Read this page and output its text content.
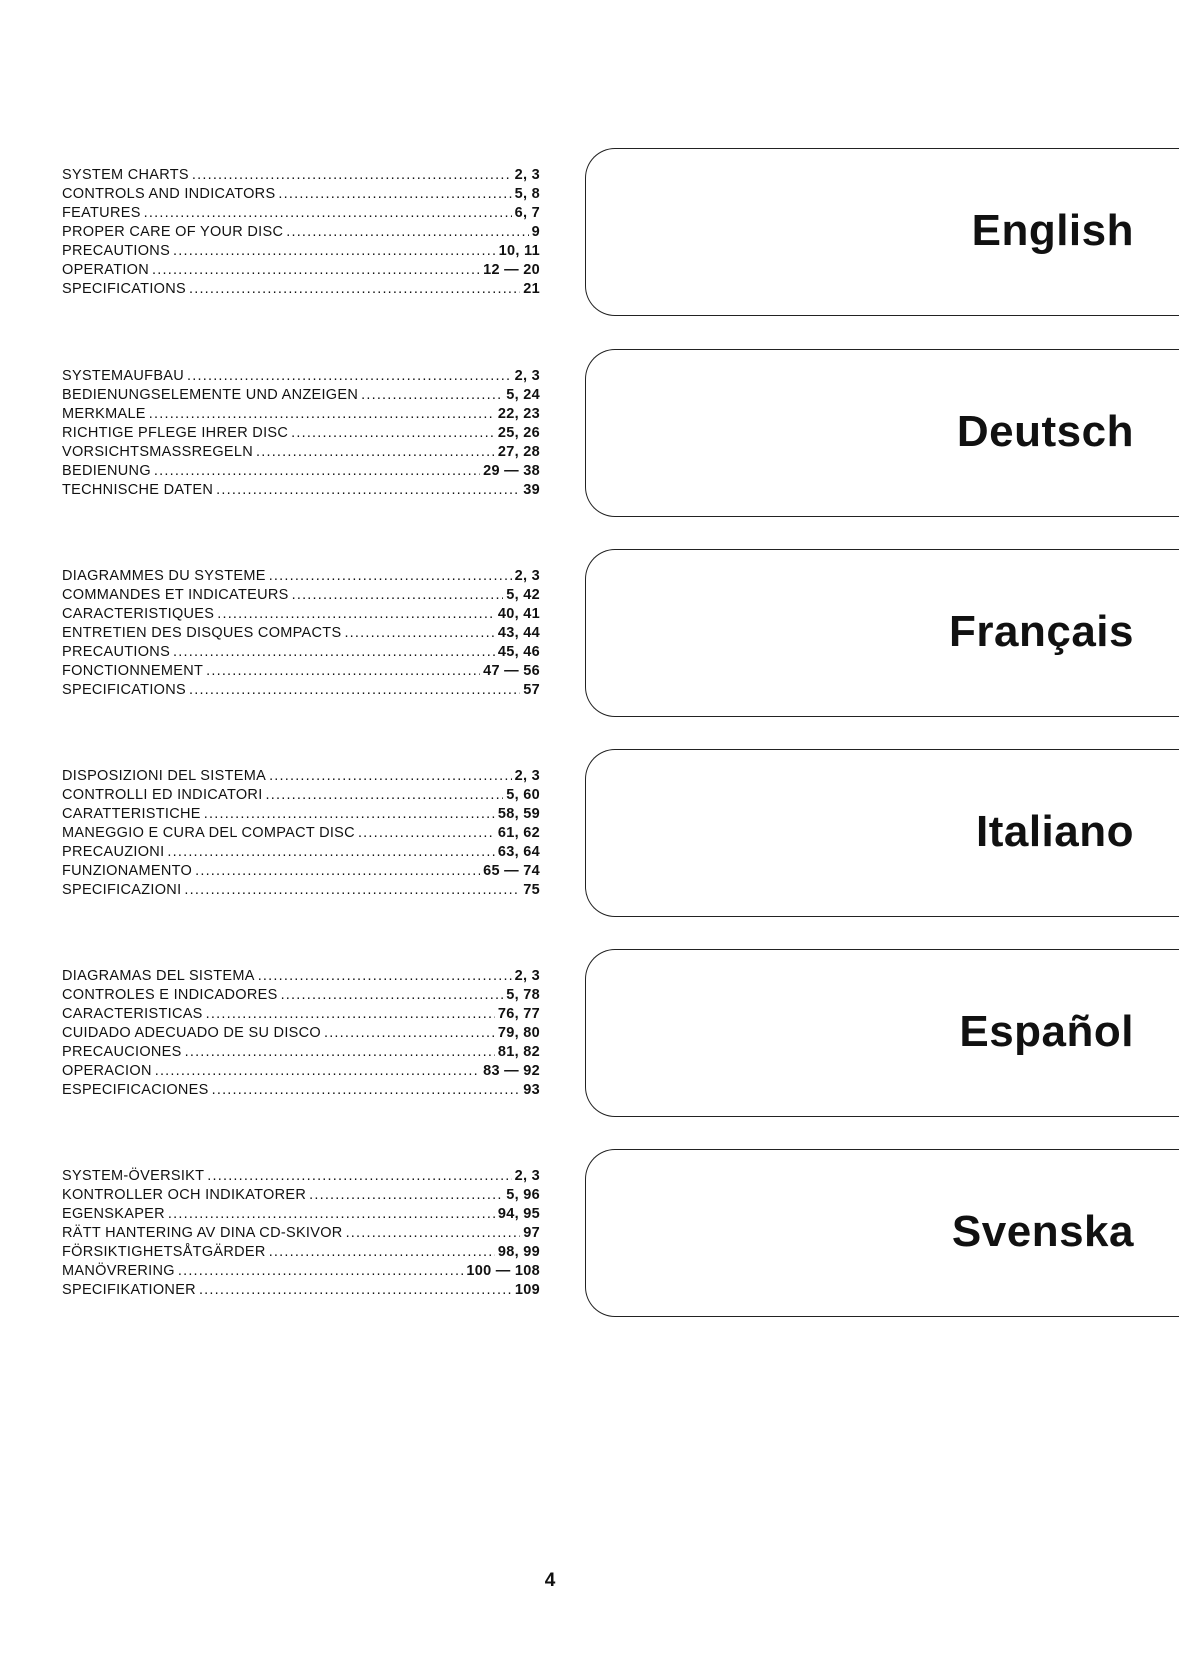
SYSTEM CHARTS .....	2, 3
CONTROLS AND INDICATORS .....	5, 8
FEATURES .....	6, 7
PROPER CARE OF YOUR DISC .....	9
PRECAUTIONS .....	10, 11
OPERATION .....	12 — 20
SPECIFICATIONS .....	21
English
SYSTEMAUFBAU .....	2, 3
BEDIENUNGSELEMENTE UND ANZEIGEN .....	5, 24
MERKMALE .....	22, 23
RICHTIGE PFLEGE IHRER DISC .....	25, 26
VORSICHTSMASSREGELN .....	27, 28
BEDIENUNG .....	29 — 38
TECHNISCHE DATEN .....	39
Deutsch
DIAGRAMMES DU SYSTEME .....	2, 3
COMMANDES ET INDICATEURS .....	5, 42
CARACTERISTIQUES .....	40, 41
ENTRETIEN DES DISQUES COMPACTS .....	43, 44
PRECAUTIONS .....	45, 46
FONCTIONNEMENT .....	47 — 56
SPECIFICATIONS .....	57
Français
DISPOSIZIONI DEL SISTEMA .....	2, 3
CONTROLLI ED INDICATORI .....	5, 60
CARATTERISTICHE .....	58, 59
MANEGGIO E CURA DEL COMPACT DISC .....	61, 62
PRECAUZIONI .....	63, 64
FUNZIONAMENTO .....	65 — 74
SPECIFICAZIONI .....	75
Italiano
DIAGRAMAS DEL SISTEMA .....	2, 3
CONTROLES E INDICADORES .....	5, 78
CARACTERISTICAS .....	76, 77
CUIDADO ADECUADO DE SU DISCO .....	79, 80
PRECAUCIONES .....	81, 82
OPERACION .....	83 — 92
ESPECIFICACIONES .....	93
Español
SYSTEM-ÖVERSIKT .....	2, 3
KONTROLLER OCH INDIKATORER .....	5, 96
EGENSKAPER .....	94, 95
RÄTT HANTERING AV DINA CD-SKIVOR .....	97
FÖRSIKTIGHETSÅTGÄRDER .....	98, 99
MANÖVRERING .....	100 — 108
SPECIFIKATIONER .....	109
Svenska
4
